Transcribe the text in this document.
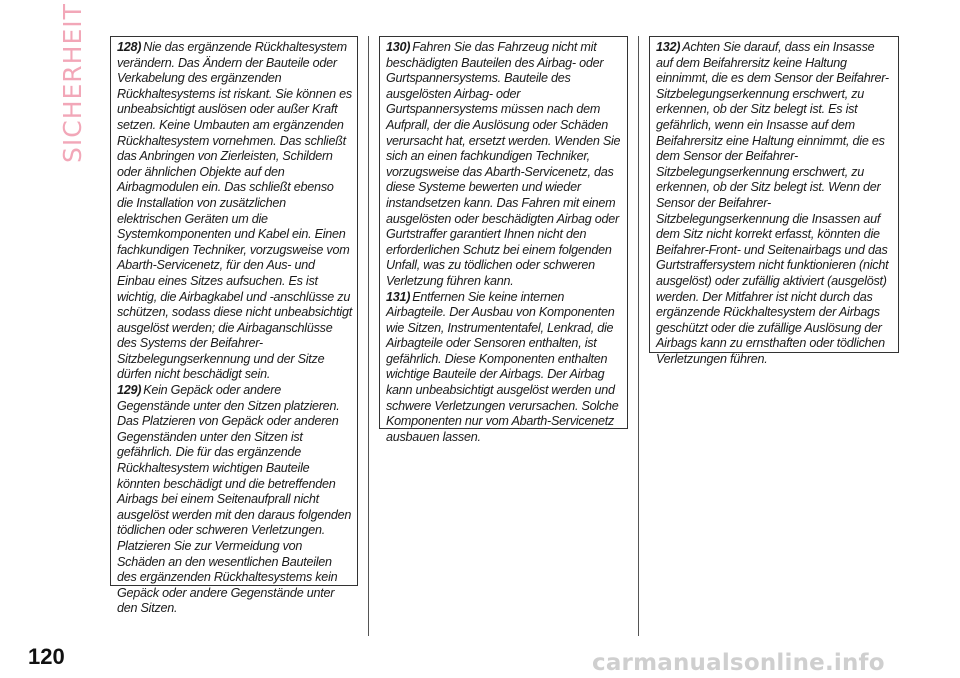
SICHERHEIT 128) Nie das ergänzende Rückhaltesystem verändern. Das Ändern der Bauteile oder Verkabelung des ergänzenden Rückhaltesystems ist riskant. Sie können es unbeabsichtigt auslösen oder außer Kraft setzen. Keine Umbauten am ergänzenden Rückhaltesystem vornehmen. Das schließt das Anbringen von Zierleisten, Schildern oder ähnlichen Objekte auf den Airbagmodulen ein. Das schließt ebenso die Installation von zusätzlichen elektrischen Geräten um die Systemkomponenten und Kabel ein. Einen fachkundigen Techniker, vorzugsweise vom Abarth-Servicenetz, für den Aus- und Einbau eines Sitzes aufsuchen. Es ist wichtig, die Airbagkabel und -anschlüsse zu schützen, sodass diese nicht unbeabsichtigt ausgelöst werden; die Airbaganschlüsse des Systems der Beifahrer-Sitzbelegungserkennung und der Sitze dürfen nicht beschädigt sein.

129) Kein Gepäck oder andere Gegenstände unter den Sitzen platzieren. Das Platzieren von Gepäck oder anderen Gegenständen unter den Sitzen ist gefährlich. Die für das ergänzende Rückhaltesystem wichtigen Bauteile könnten beschädigt und die betreffenden Airbags bei einem Seitenaufprall nicht ausgelöst werden mit den daraus folgenden tödlichen oder schweren Verletzungen. Platzieren Sie zur Vermeidung von Schäden an den wesentlichen Bauteilen des ergänzenden Rückhaltesystems kein Gepäck oder andere Gegenstände unter den Sitzen.

130) Fahren Sie das Fahrzeug nicht mit beschädigten Bauteilen des Airbag- oder Gurtspannersystems. Bauteile des ausgelösten Airbag- oder Gurtspannersystems müssen nach dem Aufprall, der die Auslösung oder Schäden verursacht hat, ersetzt werden. Wenden Sie sich an einen fachkundigen Techniker, vorzugsweise das Abarth-Servicenetz, das diese Systeme bewerten und wieder instandsetzen kann. Das Fahren mit einem ausgelösten oder beschädigten Airbag oder Gurtstraffer garantiert Ihnen nicht den erforderlichen Schutz bei einem folgenden Unfall, was zu tödlichen oder schweren Verletzung führen kann.

131) Entfernen Sie keine internen Airbagteile. Der Ausbau von Komponenten wie Sitzen, Instrumententafel, Lenkrad, die Airbagteile oder Sensoren enthalten, ist gefährlich. Diese Komponenten enthalten wichtige Bauteile der Airbags. Der Airbag kann unbeabsichtigt ausgelöst werden und schwere Verletzungen verursachen. Solche Komponenten nur vom Abarth-Servicenetz ausbauen lassen.

132) Achten Sie darauf, dass ein Insasse auf dem Beifahrersitz keine Haltung einnimmt, die es dem Sensor der Beifahrer-Sitzbelegungserkennung erschwert, zu erkennen, ob der Sitz belegt ist. Es ist gefährlich, wenn ein Insasse auf dem Beifahrersitz eine Haltung einnimmt, die es dem Sensor der Beifahrer-Sitzbelegungserkennung erschwert, zu erkennen, ob der Sitz belegt ist. Wenn der Sensor der Beifahrer-Sitzbelegungserkennung die Insassen auf dem Sitz nicht korrekt erfasst, könnten die Beifahrer-Front- und Seitenairbags und das Gurtstraffersystem nicht funktionieren (nicht ausgelöst) oder zufällig aktiviert (ausgelöst) werden. Der Mitfahrer ist nicht durch das ergänzende Rückhaltesystem der Airbags geschützt oder die zufällige Auslösung der Airbags kann zu ernsthaften oder tödlichen Verletzungen führen.

120	carmanualsonline.info
